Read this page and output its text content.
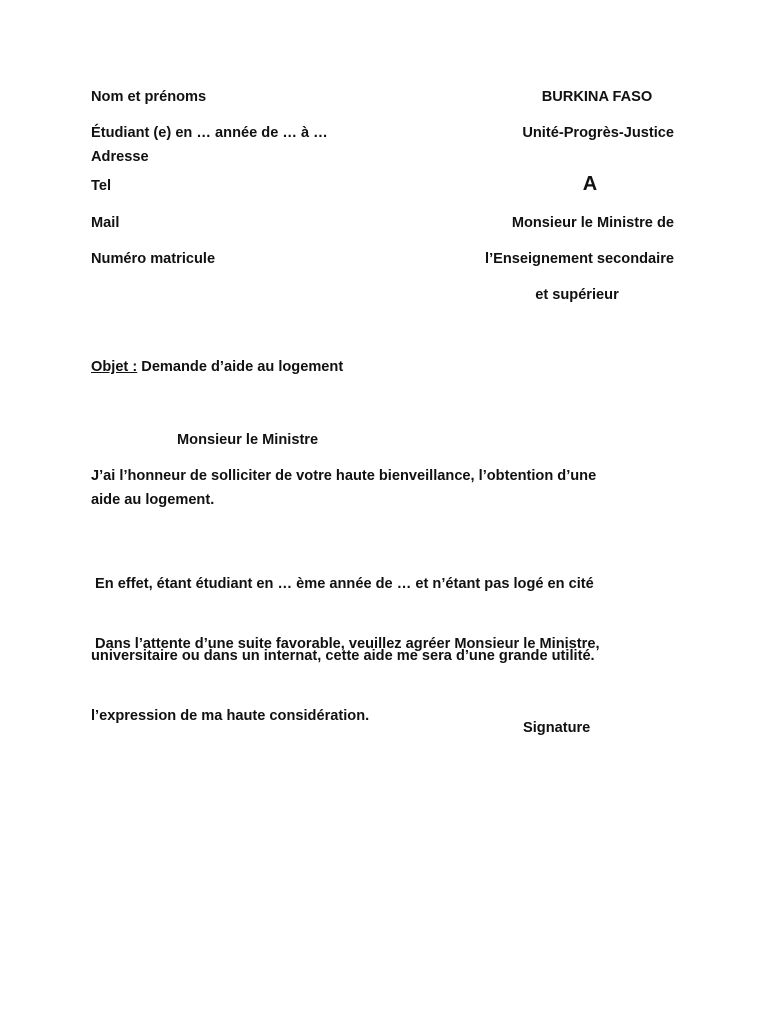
Nom et prénoms
Étudiant (e) en … année de … à …
Adresse
Tel
Mail
Numéro matricule
BURKINA FASO
Unité-Progrès-Justice
A
Monsieur le Ministre de
l’Enseignement secondaire
et supérieur
Objet : Demande d’aide au logement
Monsieur le Ministre
J’ai l’honneur de solliciter de votre haute bienveillance, l’obtention d’une
aide au logement.

En effet, étant étudiant en … ème année de … et n’étant pas logé en cité

universitaire ou dans un internat, cette aide me sera d’une grande utilité.

Dans l’attente d’une suite favorable, veuillez agréer Monsieur le Ministre,

l’expression de ma haute considération.

Signature
